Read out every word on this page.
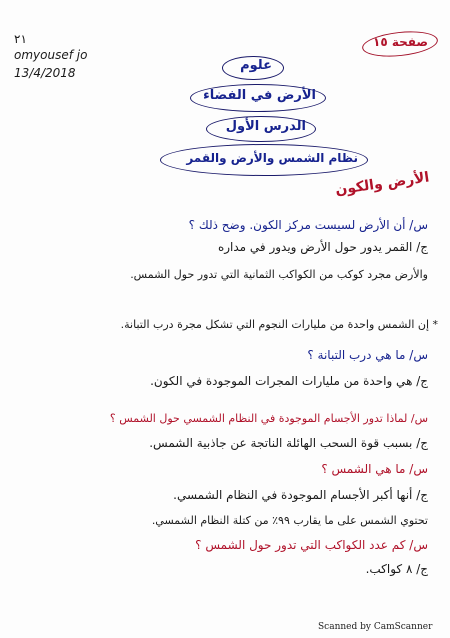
٢١
omyousef jo
13/4/2018
صفحة ١٥
علوم
الأرض في الفضاء
الدرس الأول
نظام الشمس والأرض والقمر
الأرض والكون
س/ أن الأرض لسيست مركز الكون. وضح ذلك ؟
ج/ القمر يدور حول الأرض ويدور في مداره
والأرض مجرد كوكب من الكواكب الثمانية التي تدور حول الشمس.
* إن الشمس واحدة من مليارات النجوم التي تشكل مجرة درب التبانة.
س/ ما هي درب التبانة ؟
ج/ هي واحدة من مليارات المجرات الموجودة في الكون.
س/ لماذا تدور الأجسام الموجودة في النظام الشمسي حول الشمس ؟
ج/ بسبب قوة السحب الهائلة الناتجة عن جاذبية الشمس.
س/ ما هي الشمس ؟
ج/ أنها أكبر الأجسام الموجودة في النظام الشمسي.
تحتوي الشمس على ما يقارب ٩٩٪ من كتلة النظام الشمسي.
س/ كم عدد الكواكب التي تدور حول الشمس ؟
ج/ ٨ كواكب.
Scanned by CamScanner
